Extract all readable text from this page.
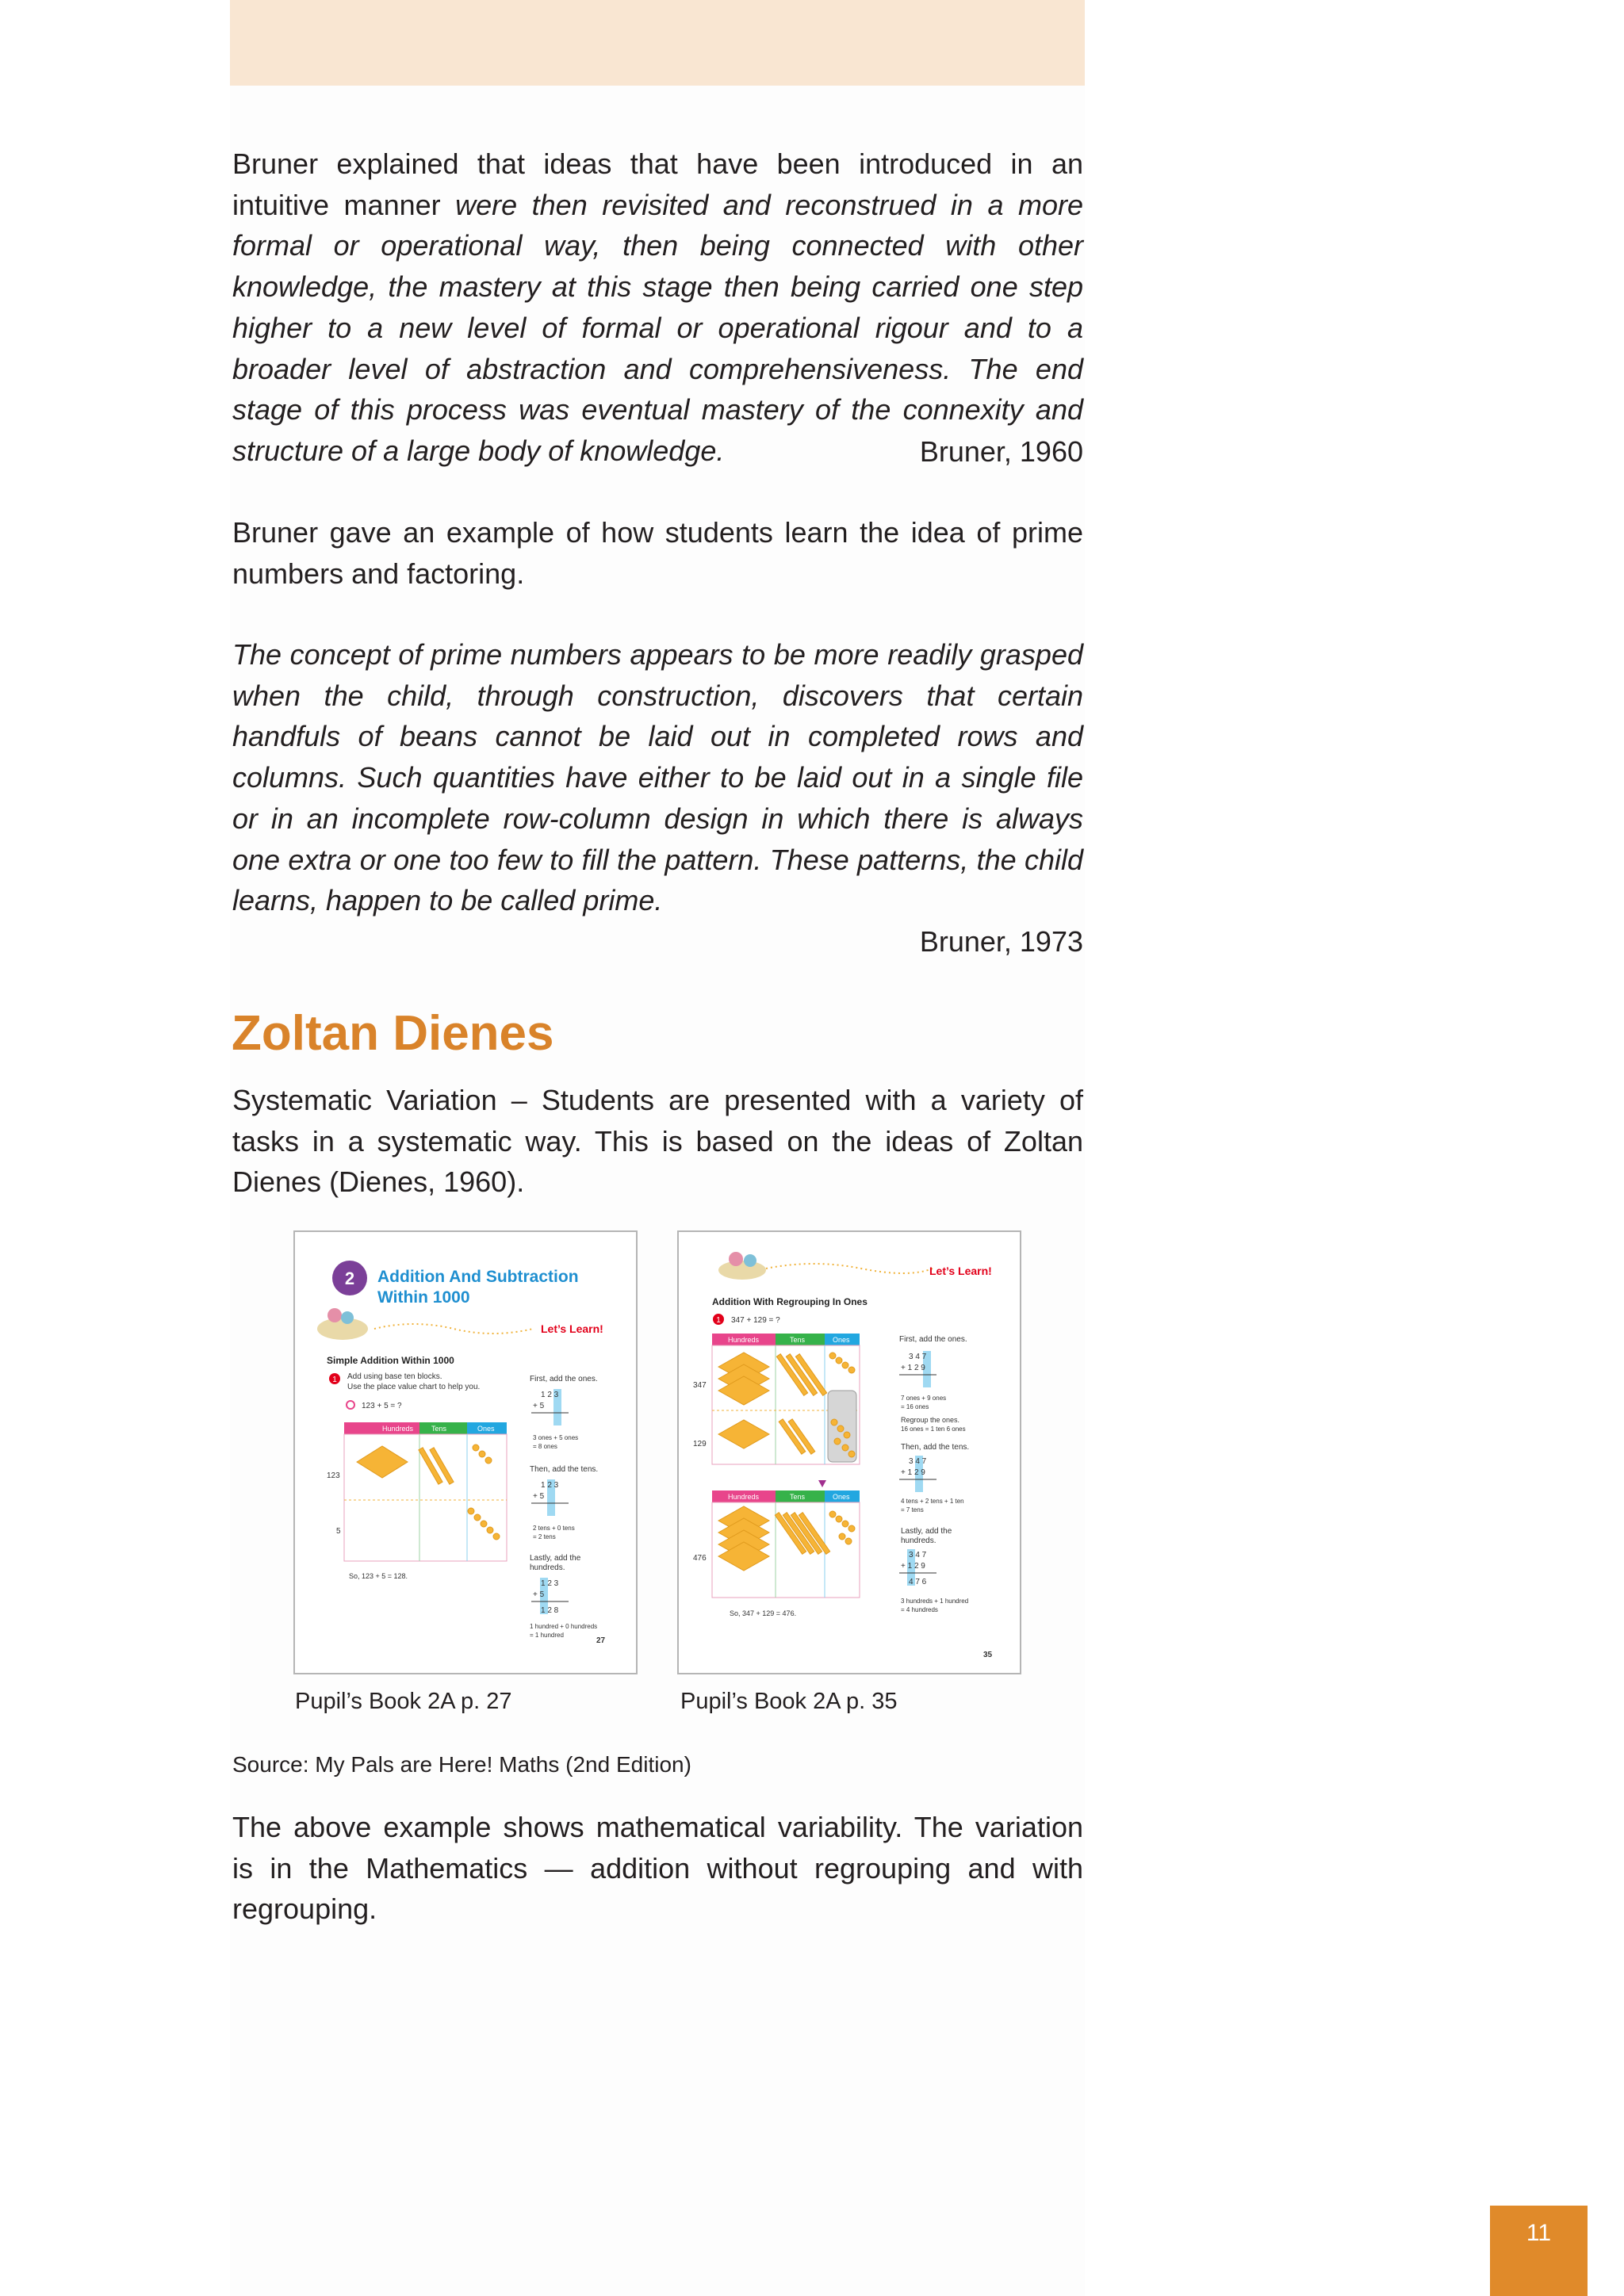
Bruner explained that ideas that have been introduced in an intuitive manner were then revisited and reconstrued in a more formal or operational way, then being connected with other knowledge, the mastery at this stage then being carried one step higher to a new level of formal or operational rigour and to a broader level of abstraction and comprehensiveness. The end stage of this process was eventual mastery of the connexity and structure of a large body of knowledge.	Bruner, 1960

Bruner gave an example of how students learn the idea of prime numbers and factoring.

The concept of prime numbers appears to be more readily grasped when the child, through construction, discovers that certain handfuls of beans cannot be laid out in completed rows and columns. Such quantities have either to be laid out in a single file or in an incomplete row-column design in which there is always one extra or one too few to fill the pattern. These patterns, the child learns, happen to be called prime.

Bruner, 1973
Zoltan Dienes

Systematic Variation – Students are presented with a variety of tasks in a systematic way. This is based on the ideas of Zoltan Dienes (Dienes, 1960).

2 Addition And Subtraction
Within 1000
Let’s Learn!
Simple Addition Within 1000
1 Add using base ten blocks.
Use the place value chart to help you.
123 + 5 = ?
Hundreds	Tens	Ones
123
5
So, 123 + 5 = 128.
First, add the ones.
1 2 3
+ 5
3 ones + 5 ones
= 8 ones
Then, add the tens.
1 2 3
+ 5
2 tens + 0 tens
= 2 tens
Lastly, add the
hundreds.
1 2 3
+ 5
1 2 8
1 hundred + 0 hundreds
= 1 hundred
27
Let’s Learn!
Addition With Regrouping In Ones
1 347 + 129 = ?
Hundreds	Tens	Ones
347
129
Hundreds	Tens	Ones
476
So, 347 + 129 = 476.
First, add the ones.
3 4 7
+ 1 2 9
7 ones + 9 ones
= 16 ones
Regroup the ones.
16 ones = 1 ten 6 ones
Then, add the tens.
3 4 7
+ 1 2 9
4 tens + 2 tens + 1 ten
= 7 tens
Lastly, add the
hundreds.
3 4 7
+ 1 2 9
4 7 6
3 hundreds + 1 hundred
= 4 hundreds
35
Pupil’s Book 2A p. 27	Pupil’s Book 2A p. 35
Source: My Pals are Here! Maths (2nd Edition)

The above example shows mathematical variability. The variation is in the Mathematics — addition without regrouping and with regrouping.

11
